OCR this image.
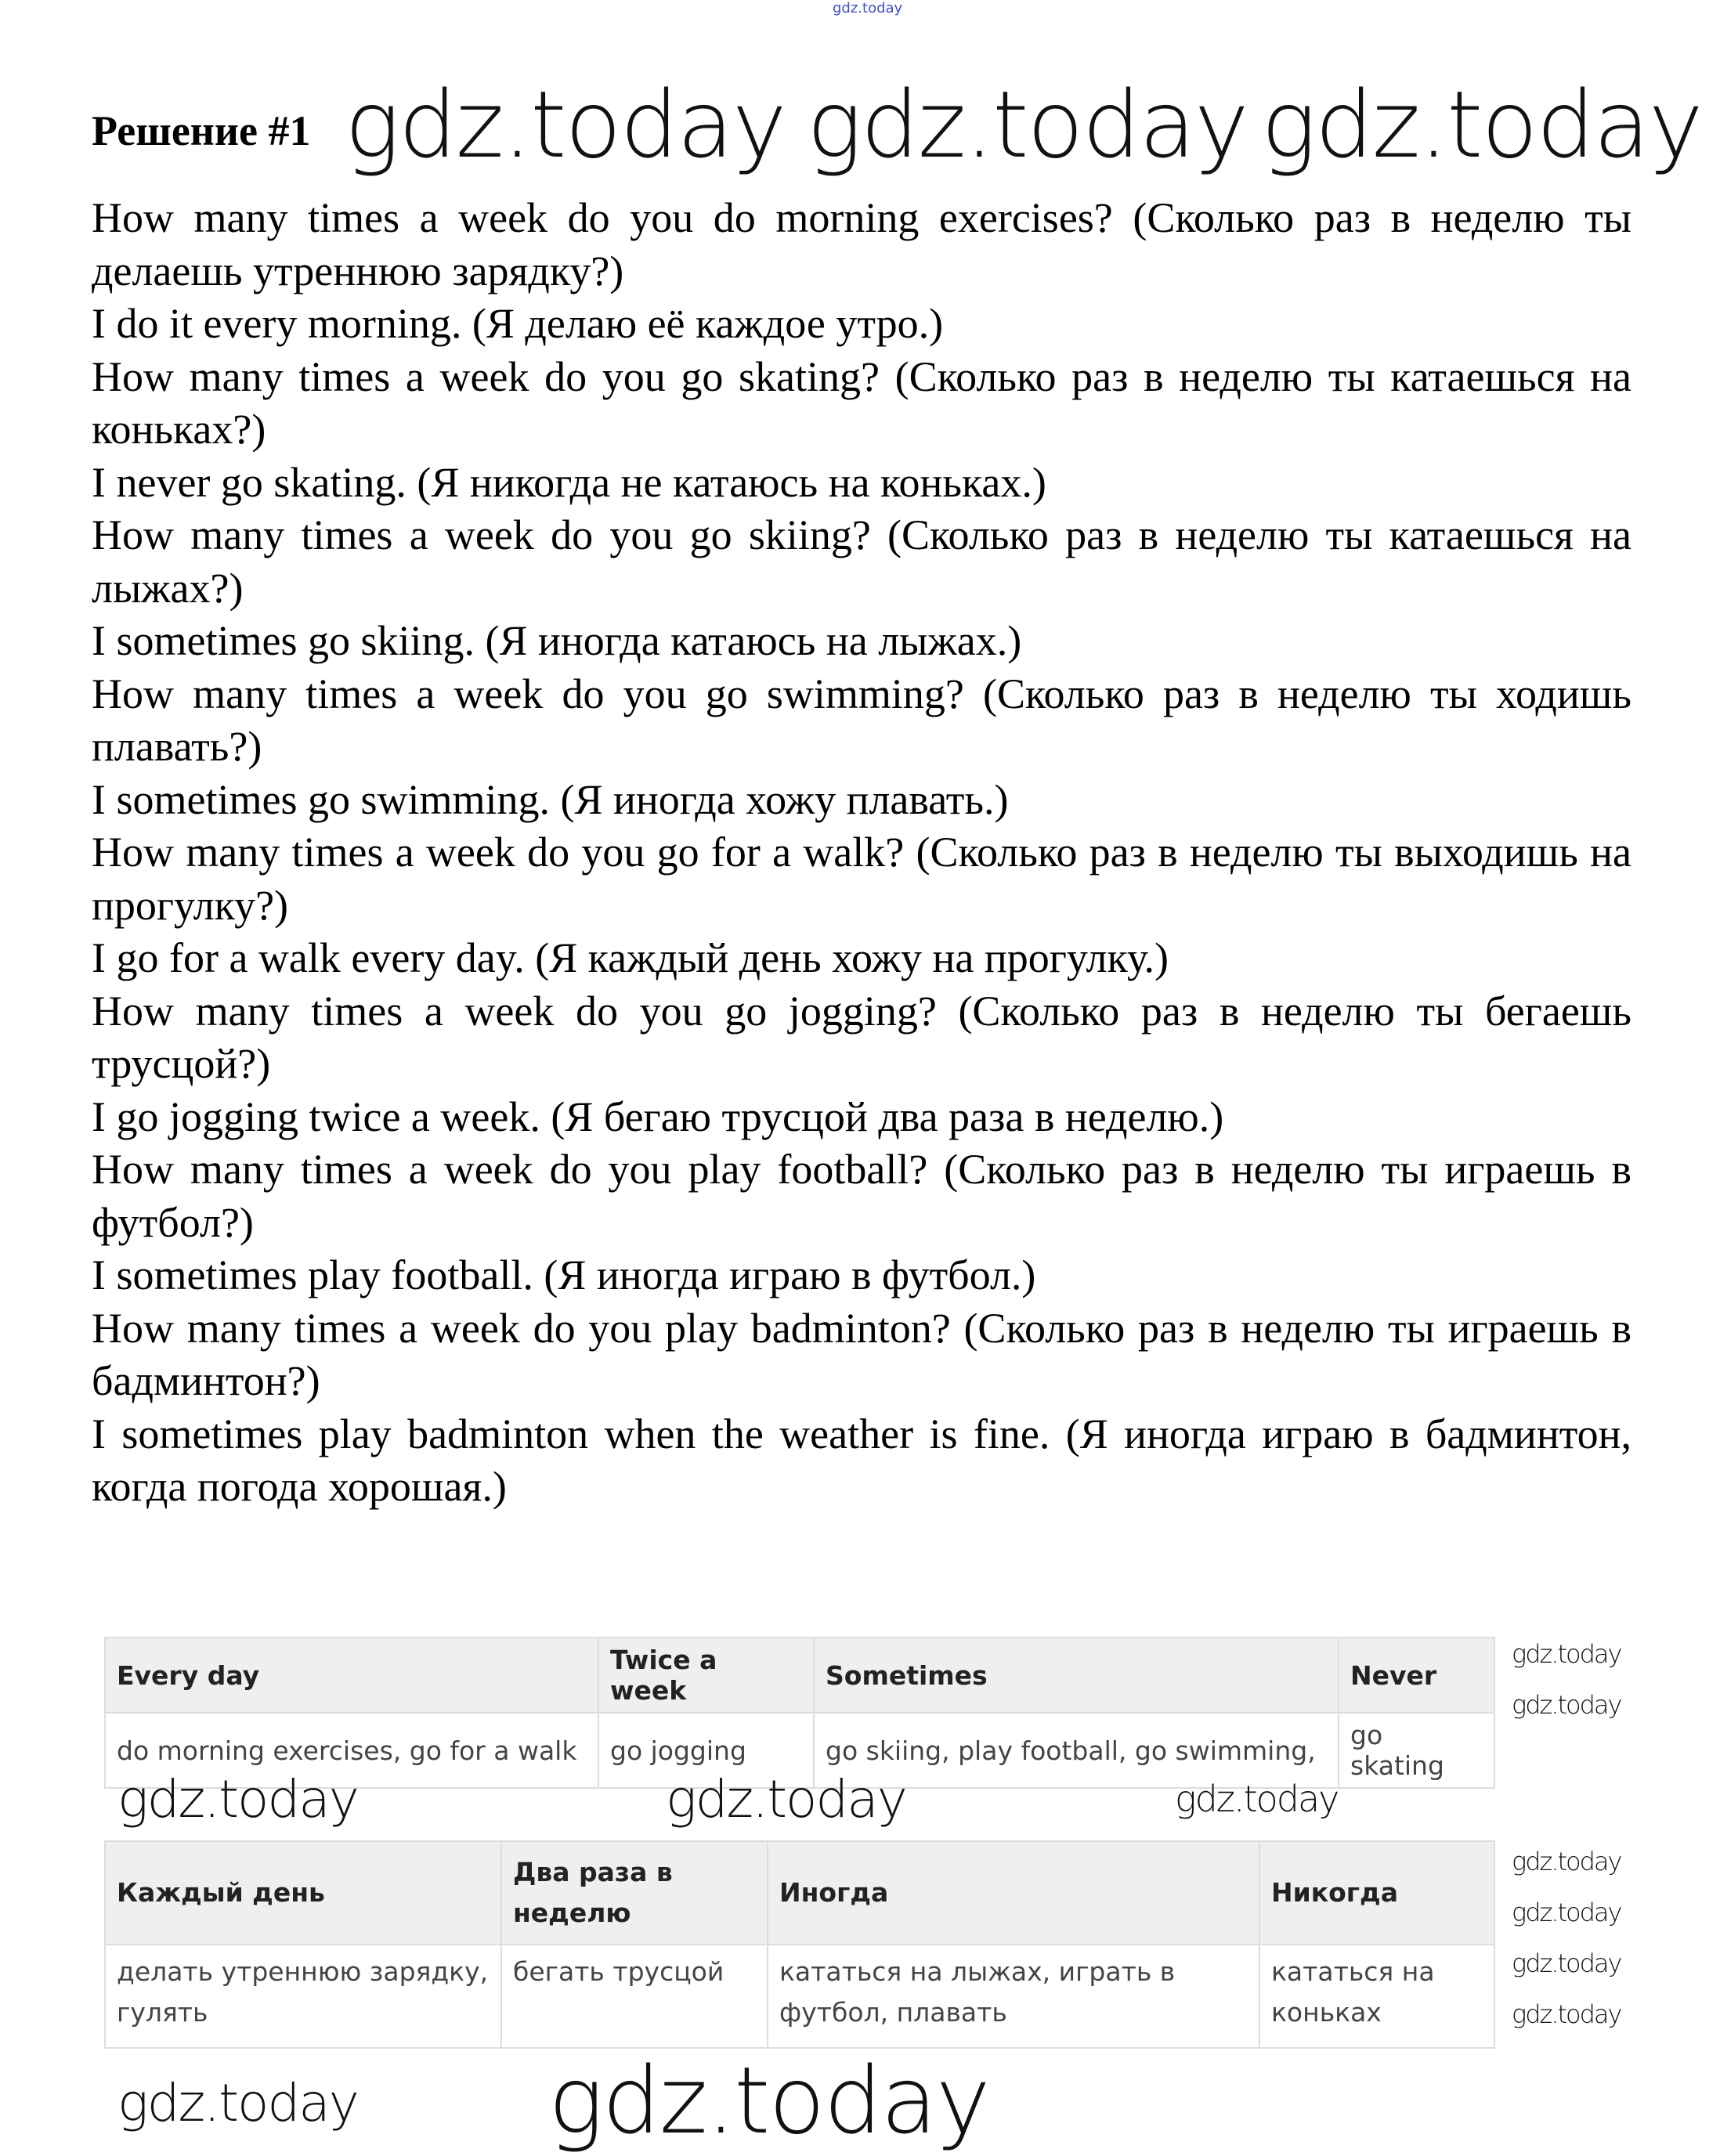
gdz.today
Решение #1

How many times a week do you do morning exercises? (Сколько раз в неделю ты делаешь утреннюю зарядку?)

I do it every morning. (Я делаю её каждое утро.)

How many times a week do you go skating? (Сколько раз в неделю ты катаешься на коньках?)

I never go skating. (Я никогда не катаюсь на коньках.)

How many times a week do you go skiing? (Сколько раз в неделю ты катаешься на лыжах?)

I sometimes go skiing. (Я иногда катаюсь на лыжах.)

How many times a week do you go swimming? (Сколько раз в неделю ты ходишь плавать?)

I sometimes go swimming. (Я иногда хожу плавать.)

How many times a week do you go for a walk? (Сколько раз в неделю ты выходишь на прогулку?)

I go for a walk every day. (Я каждый день хожу на прогулку.)

How many times a week do you go jogging? (Сколько раз в неделю ты бегаешь трусцой?)

I go jogging twice a week. (Я бегаю трусцой два раза в неделю.)

How many times a week do you play football? (Сколько раз в неделю ты играешь в футбол?)

I sometimes play football. (Я иногда играю в футбол.)

How many times a week do you play badminton? (Сколько раз в неделю ты играешь в бадминтон?)

I sometimes play badminton when the weather is fine. (Я иногда играю в бадминтон, когда погода хорошая.)

Every day	Twice a week	Sometimes	Never
do morning exercises, go for a walk	go jogging	go skiing, play football, go swimming,	go skating
Каждый день	Два раза в неделю	Иногда	Никогда
делать утреннюю зарядку, гулять	бегать трусцой	кататься на лыжах, играть в футбол, плавать	кататься на коньках
gdz.today gdz.today gdz.today
gdz.today
gdz.today	gdz.today
gdz.today
gdz.today
gdz.today
gdz.today
gdz.today
gdz.today
gdz.today
gdz.today
